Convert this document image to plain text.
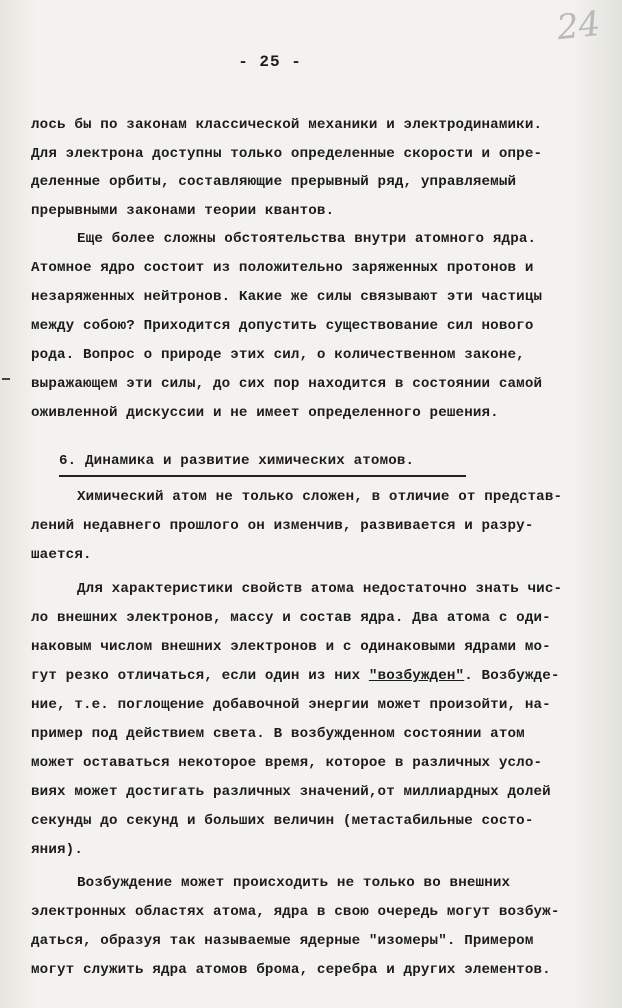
24
- 25 -
лось бы по законам классической механики и электродинамики.
Для электрона доступны только определенные скорости и опре-
деленные орбиты, составляющие прерывный ряд, управляемый
прерывными законами теории квантов.
Еще более сложны обстоятельства внутри атомного ядра.
Атомное ядро состоит из положительно заряженных протонов и
незаряженных нейтронов. Какие же силы связывают эти частицы
между собою? Приходится допустить существование сил нового
рода. Вопрос о природе этих сил, о количественном законе,
выражающем эти силы, до сих пор находится в состоянии самой
оживленной дискуссии и не имеет определенного решения.
6. Динамика и развитие химических атомов.
Химический атом не только сложен, в отличие от представ-
лений недавнего прошлого он изменчив, развивается и разру-
шается.
Для характеристики свойств атома недостаточно знать чис-
ло внешних электронов, массу и состав ядра. Два атома с оди-
наковым числом внешних электронов и с одинаковыми ядрами мо-
гут резко отличаться, если один из них "возбужден". Возбужде-
ние, т.е. поглощение добавочной энергии может произойти, на-
пример под действием света. В возбужденном состоянии атом
может оставаться некоторое время, которое в различных усло-
виях может достигать различных значений,от миллиардных долей
секунды до секунд и больших величин (метастабильные состо-
яния).
Возбуждение может происходить не только во внешних
электронных областях атома, ядра в свою очередь могут возбуж-
даться, образуя так называемые ядерные "изомеры". Примером
могут служить ядра атомов брома, серебра и других элементов.
